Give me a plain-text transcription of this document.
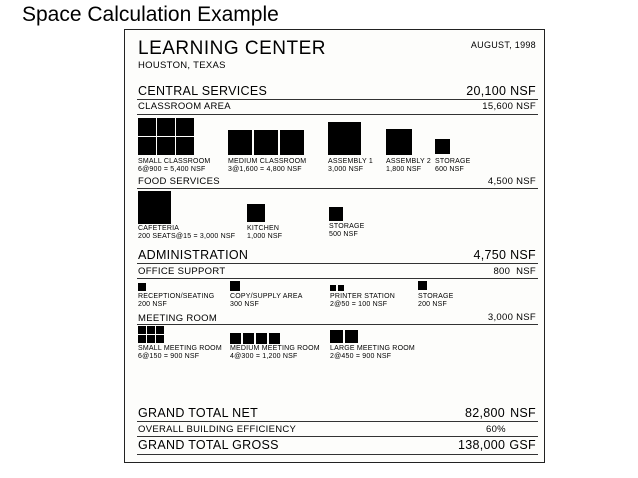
Space Calculation Example
LEARNING CENTER
HOUSTON, TEXAS
AUGUST, 1998
CENTRAL SERVICES	20,100 NSF
CLASSROOM AREA	15,600 NSF
SMALL CLASSROOM
6@900 = 5,400 NSF
MEDIUM CLASSROOM
3@1,600 = 4,800 NSF
ASSEMBLY 1
3,000 NSF
ASSEMBLY 2
1,800 NSF
STORAGE
600 NSF
FOOD SERVICES	4,500 NSF
CAFETERIA
200 SEATS@15 = 3,000 NSF
KITCHEN
1,000 NSF
STORAGE
500 NSF
ADMINISTRATION	4,750 NSF
OFFICE SUPPORT	800  NSF
RECEPTION/SEATING
200 NSF
COPY/SUPPLY AREA
300 NSF
PRINTER STATION
2@50 = 100 NSF
STORAGE
200 NSF
MEETING ROOM	3,000 NSF
SMALL MEETING ROOM
6@150 = 900 NSF
MEDIUM MEETING ROOM
4@300 = 1,200 NSF
LARGE MEETING ROOM
2@450 = 900 NSF
GRAND TOTAL NET	82,800 NSF
OVERALL BUILDING EFFICIENCY	60%
GRAND TOTAL GROSS	138,000 GSF
